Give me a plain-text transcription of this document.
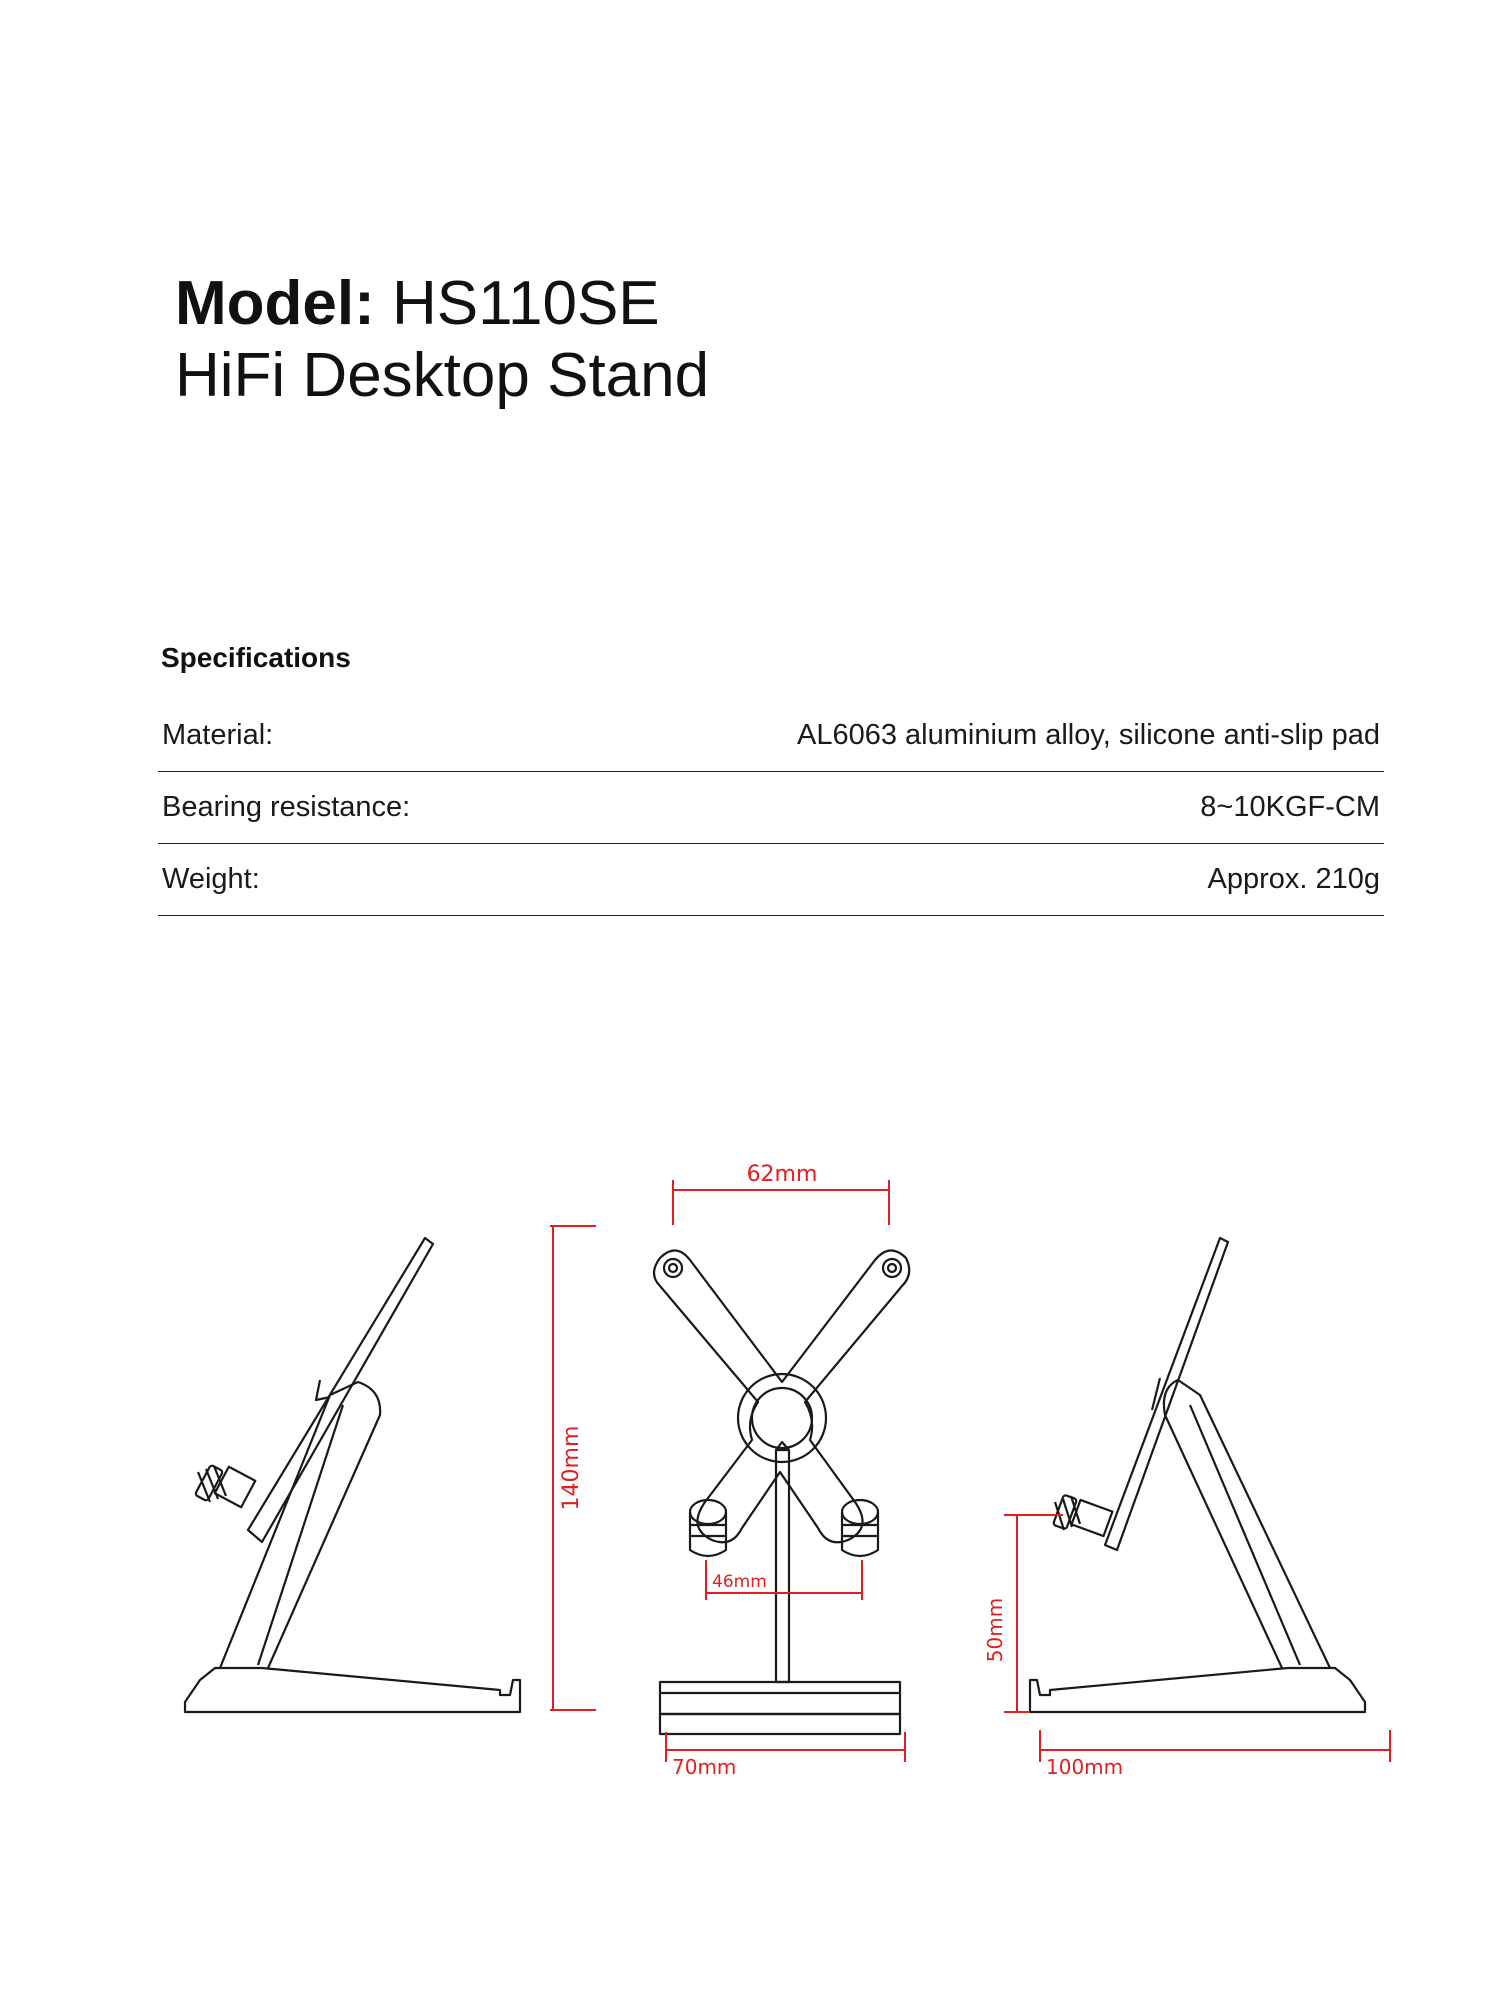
Model: HS110SE
HiFi Desktop Stand
Specifications
Material:	AL6063 aluminium alloy, silicone anti-slip pad
Bearing resistance:	8~10KGF-CM
Weight:	Approx. 210g
140mm
62mm
46mm
70mm
50mm
100mm
